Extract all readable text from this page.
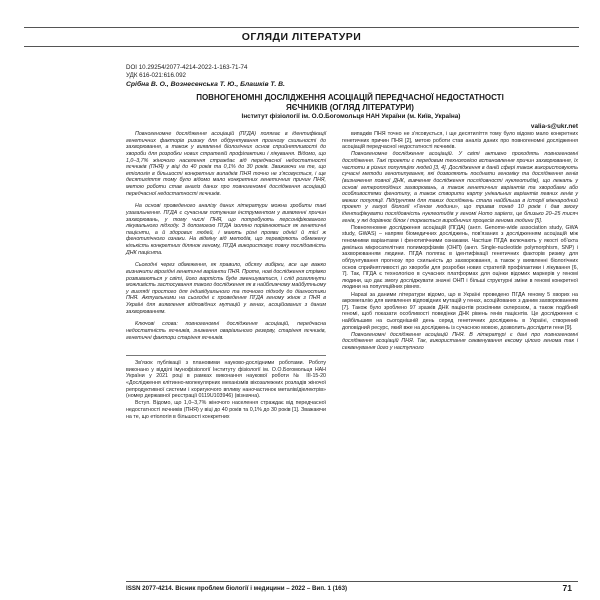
ОГЛЯДИ ЛІТЕРАТУРИ
DOI 10.29254/2077-4214-2022-1-163-71-74
УДК 616-021:616.092
Срібна В. О., Вознесенська Т. Ю., Блашків Т. В.
ПОВНОГЕНОМНІ ДОСЛІДЖЕННЯ АСОЦІАЦІЙ ПЕРЕДЧАСНОЇ НЕДОСТАТНОСТІ
ЯЄЧНИКІВ (ОГЛЯД ЛІТЕРАТУРИ)
Інститут фізіології ім. О.О.Богомольця НАН України (м. Київ, Україна)
valia-s@ukr.net

Повногеномне дослідження асоціацій (ПГДА) полягає в ідентифікації генетичних факторів ризику для обґрунтування прогнозу схильності до захворювання, а також у виявленні біологічних основ сприйнятливості до хвороби для розробки нових стратегій профілактики і лікування. Відомо, що 1,0–3,7% жіночого населення страждає від передчасної недостатності яєчників (ПНЯ) у віці до 40 років та 0,1% до 30 років. Зважаючи на те, що етіологія в більшості конкретних випадків ПНЯ точно не з'ясовується, і ще десятиліття тому було відомо мало конкретних генетичних причин ПНЯ, метою роботи став аналіз даних про повногеномні дослідження асоціацій передчасної недостатності яєчників.

На основі проведеного аналізу даних літератури можна зробити такі узагальнення. ПГДА є сучасним потужним інструментом у виявленні причин захворювань, у тому числі ПНЯ, що потребують персоніфікованого лікувального підходу. З допомогою ПГДА ізоляно порівнюються як генетичні пацієнти, а й здорових людей, і мають різні прояви однієї й тієї ж фенотипічного ознаки. На відміну від методів, що перевіряють обмежену кількість конкретних ділянок геному, ПГДА використовує повну послідовність ДНК пацієнта.

Сьогодні через обмеження, як правило, обсягу вибірки, все ще важко визначити вірогідні генетичні варіанти ПНЯ. Проте, нові дослідження стрімко розвиваються у світі, його вартість буде зменшуватися, і слід розглянути можливість застосування такого дослідження як в найближчому майбутньому у вигляді простого для індивідуального та точного підходу до діагностики ПНЯ. Актуальними на сьогодні є проведення ПГДА геному жінок з ПНЯ в Україні для виявлення відповідних мутацій у генах, асоційованих з даним захворюванням.

Ключові слова: повногеномні дослідження асоціацій, передчасна недостатність яєчників, зниження оваріального резерву, старіння яєчників, генетичні фактори старіння яєчників.

Зв'язок публікації з плановими науково-дослідними роботами. Роботу виконано у відділі імунофізіології Інституту фізіології ім. О.О.Богомольця НАН України у 2021 році в рамках виконання наукової роботи № III-15-20 «Дослідження клітинно-молекулярних механізмів вікозалежних розладів жіночої репродуктивної системи і коригуючого впливу наночастинок металів/діелектрів» (номер державної реєстрації 0119U103946) (візначна).

Вступ. Відомо, що 1,0–3,7% жіночого населення страждає від передчасної недостатності яєчників (ПНЯ) у віці до 40 років та 0,1% до 30 років [1]. Зважаючи на те, що етіологія в більшості конкретних

випадків ПНЯ точно не з'ясовується, і ще десятиліття тому було відомо мало конкретних генетичних причин ПНЯ [2], метою роботи став аналіз даних про повногеномні дослідження асоціацій передчасної недостатності яєчників.

Повногеномне дослідження асоціацій. У світі активно проходять повногеномні дослідження. Такі проекти є передовим технологією встановлення причин захворювання, їх частоти в різних популяціях людей [3, 4]. Дослідження в даній сфері також використовують сучасні методи генотипування, які дозволяють поєднати геноміку та дослідження генів (визначення повної ДНК, вивчення дослідження послідовності нуклеотидів), що лежать у основі гетероплоїдних захворювань, а також генетичних варіантів та хворобами або особливостями фенотипу, а також створити карту унікальних варіантів певних генів у межах популяції. Підґрунтям для таких досліджень стала найбільша в історії міжнародний проект у галузі біології «Геном людини», що тривав понад 10 років і дав змогу ідентифікувати послідовність нуклеотидів у геномі Homo sapiens, це близько 20–25 тисяч генів, у які дорівнює білок і торкається виробничих процесів генома людини [5].

Повногеномне дослідження асоціацій (ПГДА) (англ. Genome-wide association study, GWA study, GWAS) – напрям біомедичних досліджень, пов'язаних з дослідженням асоціацій між геномними варіантами і фенотипічними ознаками. Частіше ПГДА включають у якості об'єкта декілька мікросателітних полиморфізмів (ОНП) (англ. Single-nucleotide polymorphism, SNP) і захворюванням людини. ПГДА полягає в ідентифікації генетичних факторів ризику для обґрунтування прогнозу про схильність до захворювання, а також у виявленні біологічних основ сприйнятливості до хвороби для розробки нових стратегій профілактики і лікування [6, 7]. Так, ПГДА є технологією в сучасних платформах для оцінки відомих маркерів у геномі людини, що дає змогу досліджувати значні ОНП і більші структурні зміни в геномі конкретної людини на популяційних рівнях.

Наразі за даними літератури відомо, що в Україні проведено ПГДА геному 5 хворих на акромегалію для виявлення відповідних мутацій у генах, асоційованих з даним захворюванням [7]. Також було зроблено 97 зразків ДНК пацієнтів розсіяним склерозом, а також подібний геномі, щоб показати особливості поведінки ДНК рівень генів пацієнтів. Це дослідження є найбільшим на сьогоднішній день серед генетичних досліджень в Україні, створений доповідний ресурс, який вже на досліджень із сучасною мовою, дозволить дослідити гени [9].

Повногеномні дослідження асоціацій ПНЯ. В літературі є дані про повногеномні дослідження асоціацій ПНЯ. Так, використання секвенування ексому цілого генома так і секвенування його у наступного

ISSN 2077-4214. Вісник проблем біології і медицини – 2022 – Вип. 1 (163)	71
